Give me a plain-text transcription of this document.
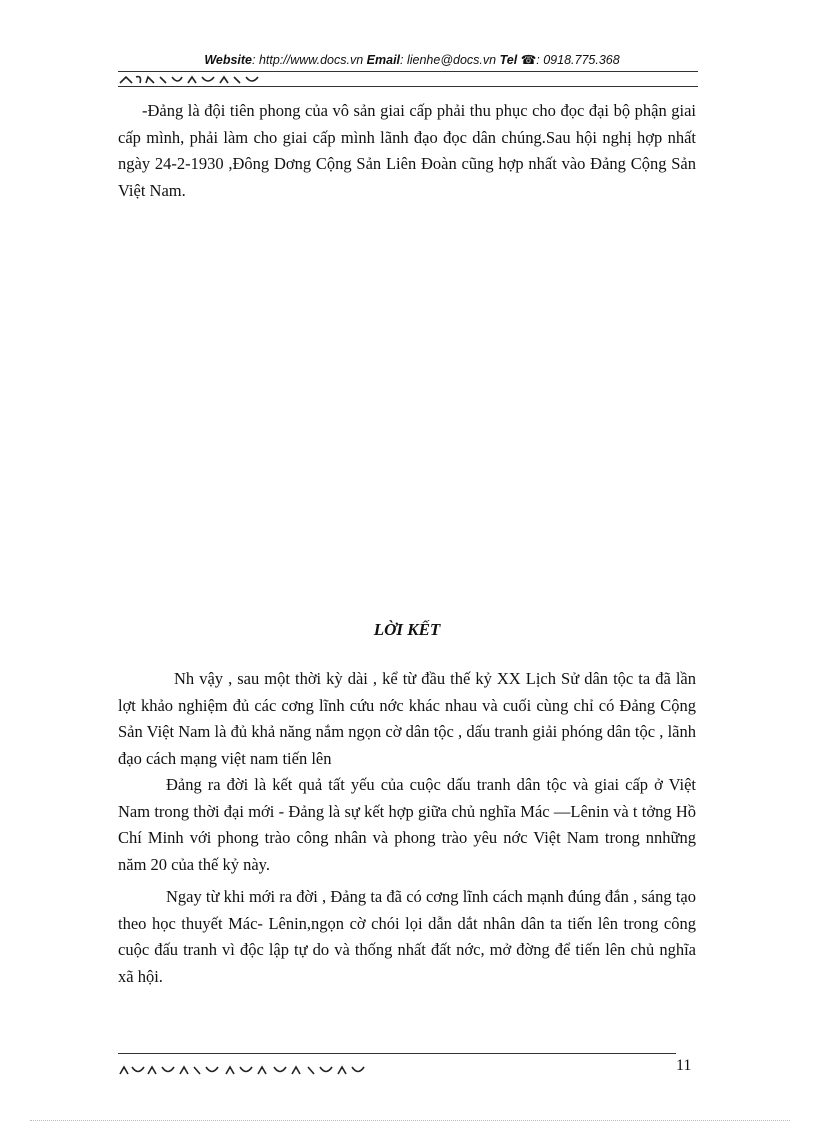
Website: http://www.docs.vn Email: lienhe@docs.vn Tel ☎: 0918.775.368

-Đảng là đội tiên phong của vô sản giai cấp phải thu phục cho đọc đại bộ phận giai cấp mình, phải làm cho giai cấp mình lãnh đạo đọc dân chúng.Sau hội nghị hợp nhất ngày 24-2-1930 ,Đông Dơng Cộng Sản Liên Đoàn cũng hợp nhất vào Đảng Cộng Sản Việt Nam.

LỜI KẾT

Nh vậy , sau một thời kỳ dài , kể từ đầu thế kỷ XX Lịch Sử dân tộc ta đã lần lợt khảo nghiệm đủ các cơng lĩnh cứu nớc khác nhau và cuối cùng chỉ có Đảng Cộng Sản Việt Nam là đủ khả năng nắm ngọn cờ dân tộc , dấu tranh giải phóng dân tộc , lãnh đạo cách mạng việt nam tiến lên

Đảng ra đời là kết quả tất yếu của cuộc dấu tranh dân tộc và giai cấp ở Việt Nam trong thời đại mới - Đảng là sự kết hợp giữa chủ nghĩa Mác —Lênin và t tởng Hồ Chí Minh với phong trào công nhân và phong trào yêu nớc Việt Nam trong nnhững năm 20 của thế kỷ này.

Ngay từ khi mới ra đời , Đảng ta đã có cơng lĩnh cách mạnh đúng đắn , sáng tạo theo học thuyết Mác- Lênin,ngọn cờ chói lọi dẫn dắt nhân dân ta tiến lên trong công cuộc đấu tranh vì độc lập tự do và thống nhất đất nớc, mở đờng để tiến lên chủ nghĩa xã hội.

11
